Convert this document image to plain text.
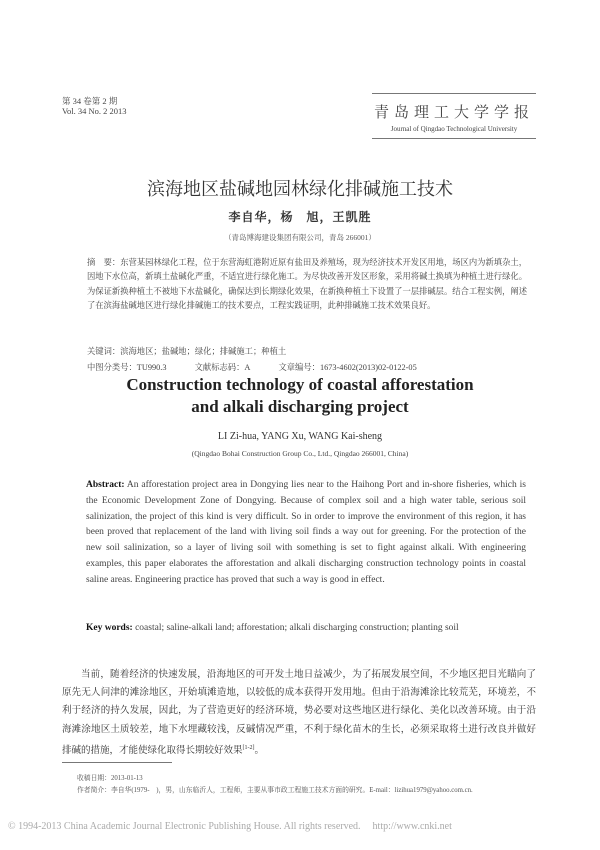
第 34 卷第 2 期
Vol. 34 No. 2 2013	青岛理工大学学报
Journal of Qingdao Technological University
滨海地区盐碱地园林绿化排碱施工技术
李自华，杨　旭，王凯胜
（青岛博海建设集团有限公司，青岛 266001）
摘　要：东营某园林绿化工程，位于东营海虹港附近原有盐田及养殖场，现为经济技术开发区用地，场区内为新填杂土，因地下水位高，新填土盐碱化严重，不适宜进行绿化施工。为尽快改善开发区形象，采用将碱土换填为种植土进行绿化。为保证新换种植土不被地下水盐碱化，确保达到长期绿化效果，在新换种植土下设置了一层排碱层。结合工程实例，阐述了在滨海盐碱地区进行绿化排碱施工的技术要点，工程实践证明，此种排碱施工技术效果良好。
关键词：滨海地区；盐碱地；绿化；排碱施工；种植土
中图分类号：TU990.3	文献标志码：A	文章编号：1673-4602(2013)02-0122-05
Construction technology of coastal afforestation
and alkali discharging project
LI Zi-hua, YANG Xu, WANG Kai-sheng
(Qingdao Bohai Construction Group Co., Ltd., Qingdao 266001, China)
Abstract: An afforestation project area in Dongying lies near to the Haihong Port and in-shore fisheries, which is the Economic Development Zone of Dongying. Because of complex soil and a high water table, serious soil salinization, the project of this kind is very difficult. So in order to improve the environment of this region, it has been proved that replacement of the land with living soil finds a way out for greening. For the protection of the new soil salinization, so a layer of living soil with something is set to fight against alkali. With engineering examples, this paper elaborates the afforestation and alkali discharging construction technology points in coastal saline areas. Engineering practice has proved that such a way is good in effect.
Key words: coastal; saline-alkali land; afforestation; alkali discharging construction; planting soil
当前，随着经济的快速发展，沿海地区的可开发土地日益减少，为了拓展发展空间，不少地区把目光瞄向了原先无人问津的滩涂地区，开始填滩造地，以较低的成本获得开发用地。但由于沿海滩涂比较荒芜，环境差，不利于经济的持久发展，因此，为了营造更好的经济环境，势必要对这些地区进行绿化、美化以改善环境。由于沿海滩涂地区土质较差，地下水埋藏较浅，反碱情况严重，不利于绿化苗木的生长，必须采取将土进行改良并做好排碱的措施，才能使绿化取得长期较好效果[1-2]。
收稿日期：2013-01-13
作者简介：李自华(1979-　)，男，山东临沂人，工程师，主要从事市政工程施工技术方面的研究。E-mail：lizihua1979@yahoo.com.cn.
© 1994-2013 China Academic Journal Electronic Publishing House. All rights reserved. http://www.cnki.net
